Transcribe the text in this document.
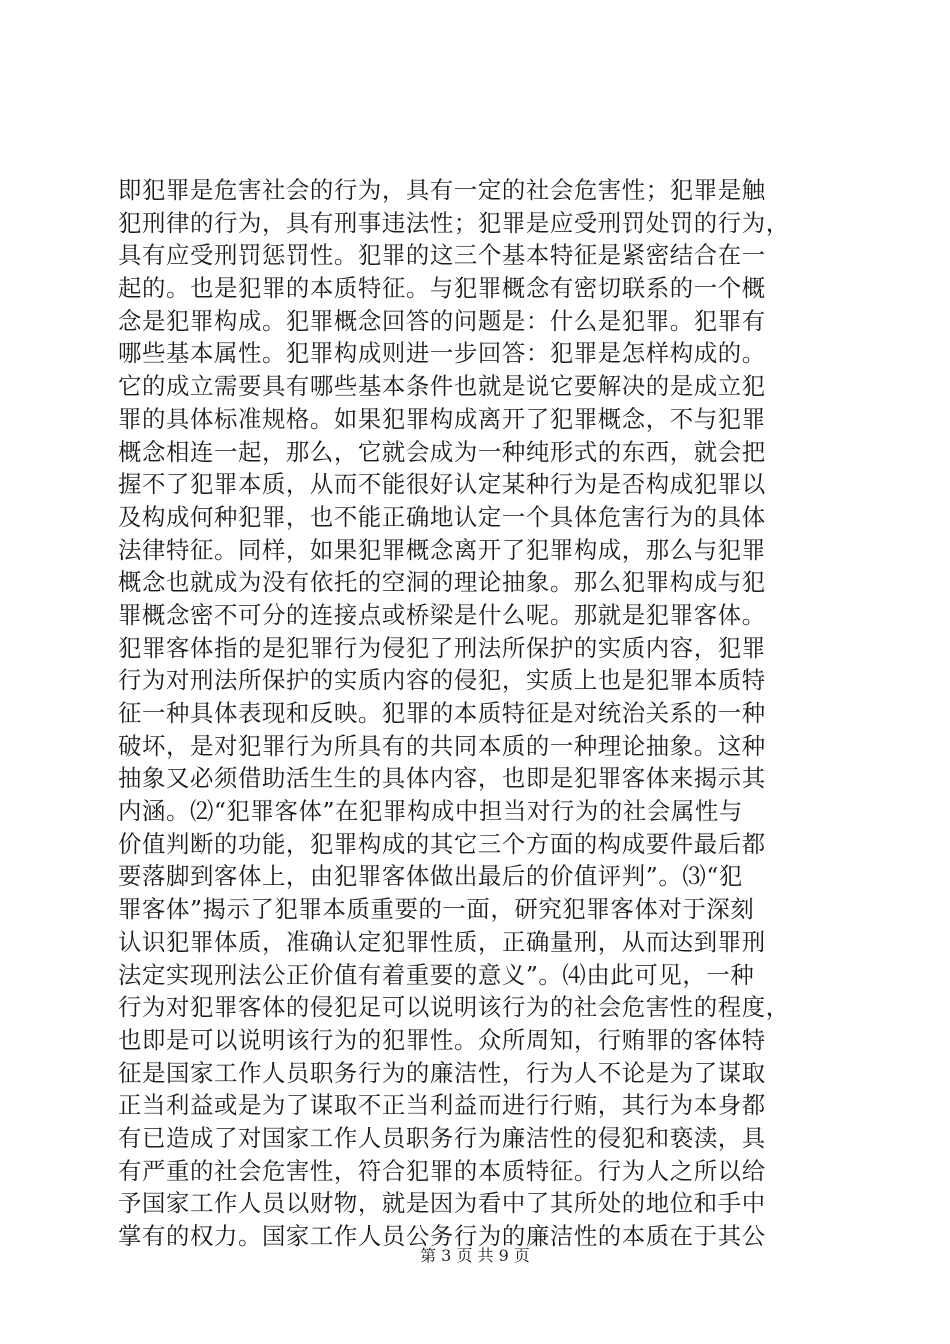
即犯罪是危害社会的行为，具有一定的社会危害性；犯罪是触
犯刑律的行为，具有刑事违法性；犯罪是应受刑罚处罚的行为，
具有应受刑罚惩罚性。犯罪的这三个基本特征是紧密结合在一
起的。也是犯罪的本质特征。与犯罪概念有密切联系的一个概
念是犯罪构成。犯罪概念回答的问题是：什么是犯罪。犯罪有
哪些基本属性。犯罪构成则进一步回答：犯罪是怎样构成的。
它的成立需要具有哪些基本条件也就是说它要解决的是成立犯
罪的具体标准规格。如果犯罪构成离开了犯罪概念，不与犯罪
概念相连一起，那么，它就会成为一种纯形式的东西，就会把
握不了犯罪本质，从而不能很好认定某种行为是否构成犯罪以
及构成何种犯罪，也不能正确地认定一个具体危害行为的具体
法律特征。同样，如果犯罪概念离开了犯罪构成，那么与犯罪
概念也就成为没有依托的空洞的理论抽象。那么犯罪构成与犯
罪概念密不可分的连接点或桥梁是什么呢。那就是犯罪客体。
犯罪客体指的是犯罪行为侵犯了刑法所保护的实质内容，犯罪
行为对刑法所保护的实质内容的侵犯，实质上也是犯罪本质特
征一种具体表现和反映。犯罪的本质特征是对统治关系的一种
破坏，是对犯罪行为所具有的共同本质的一种理论抽象。这种
抽象又必须借助活生生的具体内容，也即是犯罪客体来揭示其
内涵。⑵“犯罪客体”在犯罪构成中担当对行为的社会属性与
价值判断的功能，犯罪构成的其它三个方面的构成要件最后都
要落脚到客体上，由犯罪客体做出最后的价值评判”。⑶“犯
罪客体”揭示了犯罪本质重要的一面，研究犯罪客体对于深刻
认识犯罪体质，准确认定犯罪性质，正确量刑，从而达到罪刑
法定实现刑法公正价值有着重要的意义”。⑷由此可见，一种
行为对犯罪客体的侵犯足可以说明该行为的社会危害性的程度，
也即是可以说明该行为的犯罪性。众所周知，行贿罪的客体特
征是国家工作人员职务行为的廉洁性，行为人不论是为了谋取
正当利益或是为了谋取不正当利益而进行行贿，其行为本身都
有已造成了对国家工作人员职务行为廉洁性的侵犯和亵渎，具
有严重的社会危害性，符合犯罪的本质特征。行为人之所以给
予国家工作人员以财物，就是因为看中了其所处的地位和手中
掌有的权力。国家工作人员公务行为的廉洁性的本质在于其公
第 3 页 共 9 页
